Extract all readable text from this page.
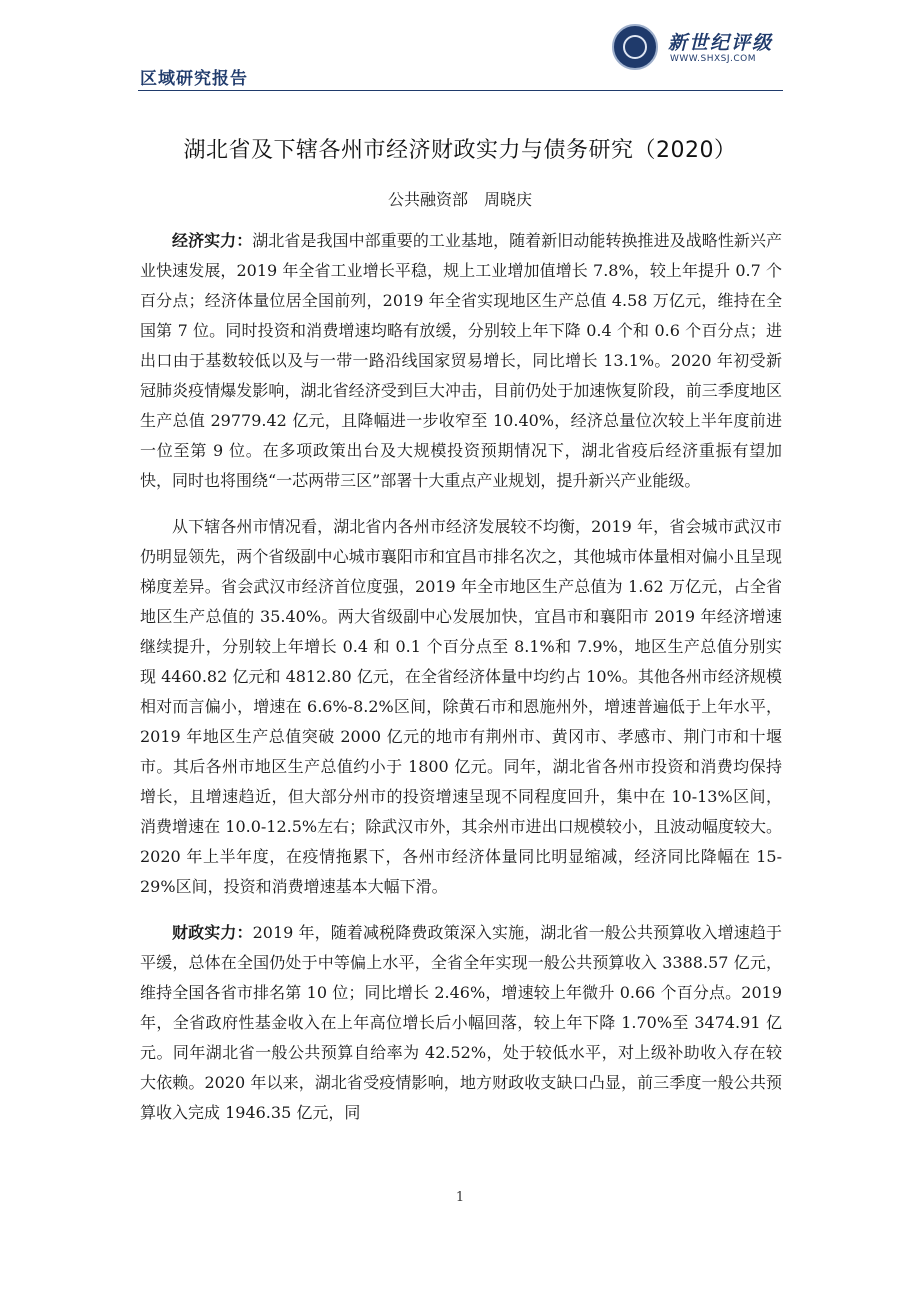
新世纪评级
WWW.SHXSJ.COM
区域研究报告
湖北省及下辖各州市经济财政实力与债务研究（2020）
公共融资部　周晓庆

经济实力：湖北省是我国中部重要的工业基地，随着新旧动能转换推进及战略性新兴产业快速发展，2019 年全省工业增长平稳，规上工业增加值增长 7.8%，较上年提升 0.7 个百分点；经济体量位居全国前列，2019 年全省实现地区生产总值 4.58 万亿元，维持在全国第 7 位。同时投资和消费增速均略有放缓，分别较上年下降 0.4 个和 0.6 个百分点；进出口由于基数较低以及与一带一路沿线国家贸易增长，同比增长 13.1%。2020 年初受新冠肺炎疫情爆发影响，湖北省经济受到巨大冲击，目前仍处于加速恢复阶段，前三季度地区生产总值 29779.42 亿元，且降幅进一步收窄至 10.40%，经济总量位次较上半年度前进一位至第 9 位。在多项政策出台及大规模投资预期情况下，湖北省疫后经济重振有望加快，同时也将围绕“一芯两带三区”部署十大重点产业规划，提升新兴产业能级。

从下辖各州市情况看，湖北省内各州市经济发展较不均衡，2019 年，省会城市武汉市仍明显领先，两个省级副中心城市襄阳市和宜昌市排名次之，其他城市体量相对偏小且呈现梯度差异。省会武汉市经济首位度强，2019 年全市地区生产总值为 1.62 万亿元，占全省地区生产总值的 35.40%。两大省级副中心发展加快，宜昌市和襄阳市 2019 年经济增速继续提升，分别较上年增长 0.4 和 0.1 个百分点至 8.1%和 7.9%，地区生产总值分别实现 4460.82 亿元和 4812.80 亿元，在全省经济体量中均约占 10%。其他各州市经济规模相对而言偏小，增速在 6.6%-8.2%区间，除黄石市和恩施州外，增速普遍低于上年水平，2019 年地区生产总值突破 2000 亿元的地市有荆州市、黄冈市、孝感市、荆门市和十堰市。其后各州市地区生产总值约小于 1800 亿元。同年，湖北省各州市投资和消费均保持增长，且增速趋近，但大部分州市的投资增速呈现不同程度回升，集中在 10-13%区间，消费增速在 10.0-12.5%左右；除武汉市外，其余州市进出口规模较小，且波动幅度较大。2020 年上半年度，在疫情拖累下，各州市经济体量同比明显缩减，经济同比降幅在 15-29%区间，投资和消费增速基本大幅下滑。

财政实力：2019 年，随着减税降费政策深入实施，湖北省一般公共预算收入增速趋于平缓，总体在全国仍处于中等偏上水平，全省全年实现一般公共预算收入 3388.57 亿元，维持全国各省市排名第 10 位；同比增长 2.46%，增速较上年微升 0.66 个百分点。2019 年，全省政府性基金收入在上年高位增长后小幅回落，较上年下降 1.70%至 3474.91 亿元。同年湖北省一般公共预算自给率为 42.52%，处于较低水平，对上级补助收入存在较大依赖。2020 年以来，湖北省受疫情影响，地方财政收支缺口凸显，前三季度一般公共预算收入完成 1946.35 亿元，同

1
